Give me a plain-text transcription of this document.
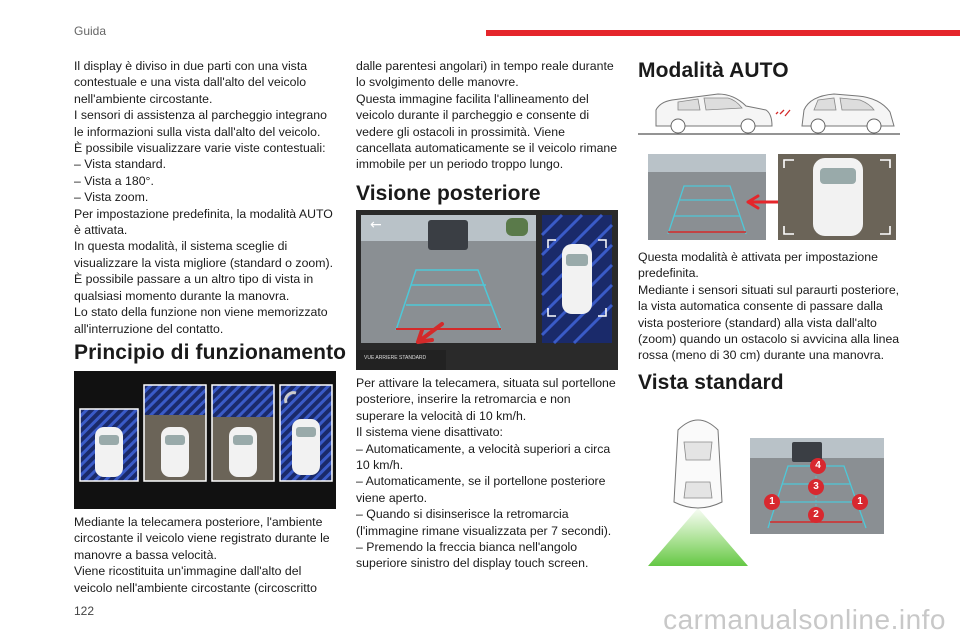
Guida

Il display è diviso in due parti con una vista contestuale e una vista dall'alto del veicolo nell'ambiente circostante.
I sensori di assistenza al parcheggio integrano le informazioni sulla vista dall'alto del veicolo.
È possibile visualizzare varie viste contestuali:
– Vista standard.
– Vista a 180°.
– Vista zoom.
Per impostazione predefinita, la modalità AUTO è attivata.
In questa modalità, il sistema sceglie di visualizzare la vista migliore (standard o zoom).
È possibile passare a un altro tipo di vista in qualsiasi momento durante la manovra.
Lo stato della funzione non viene memorizzato all'interruzione del contatto.

Principio di funzionamento

Mediante la telecamera posteriore, l'ambiente circostante il veicolo viene registrato durante le manovre a bassa velocità.
Viene ricostituita un'immagine dall'alto del veicolo nell'ambiente circostante (circoscritto

dalle parentesi angolari) in tempo reale durante lo svolgimento delle manovre.
Questa immagine facilita l'allineamento del veicolo durante il parcheggio e consente di vedere gli ostacoli in prossimità. Viene cancellata automaticamente se il veicolo rimane immobile per un periodo troppo lungo.

Visione posteriore
←
VUE ARRIERE STANDARD

Per attivare la telecamera, situata sul portellone posteriore, inserire la retromarcia e non superare la velocità di 10 km/h.
Il sistema viene disattivato:
– Automaticamente, a velocità superiori a circa 10 km/h.
– Automaticamente, se il portellone posteriore viene aperto.
– Quando si disinserisce la retromarcia (l'immagine rimane visualizzata per 7 secondi).
– Premendo la freccia bianca nell'angolo superiore sinistro del display touch screen.

Modalità AUTO

Questa modalità è attivata per impostazione predefinita.
Mediante i sensori situati sul paraurti posteriore, la vista automatica consente di passare dalla vista posteriore (standard) alla vista dall'alto (zoom) quando un ostacolo si avvicina alla linea rossa (meno di 30 cm) durante una manovra.

Vista standard
1
2
3
4
1
122	carmanualsonline.info
